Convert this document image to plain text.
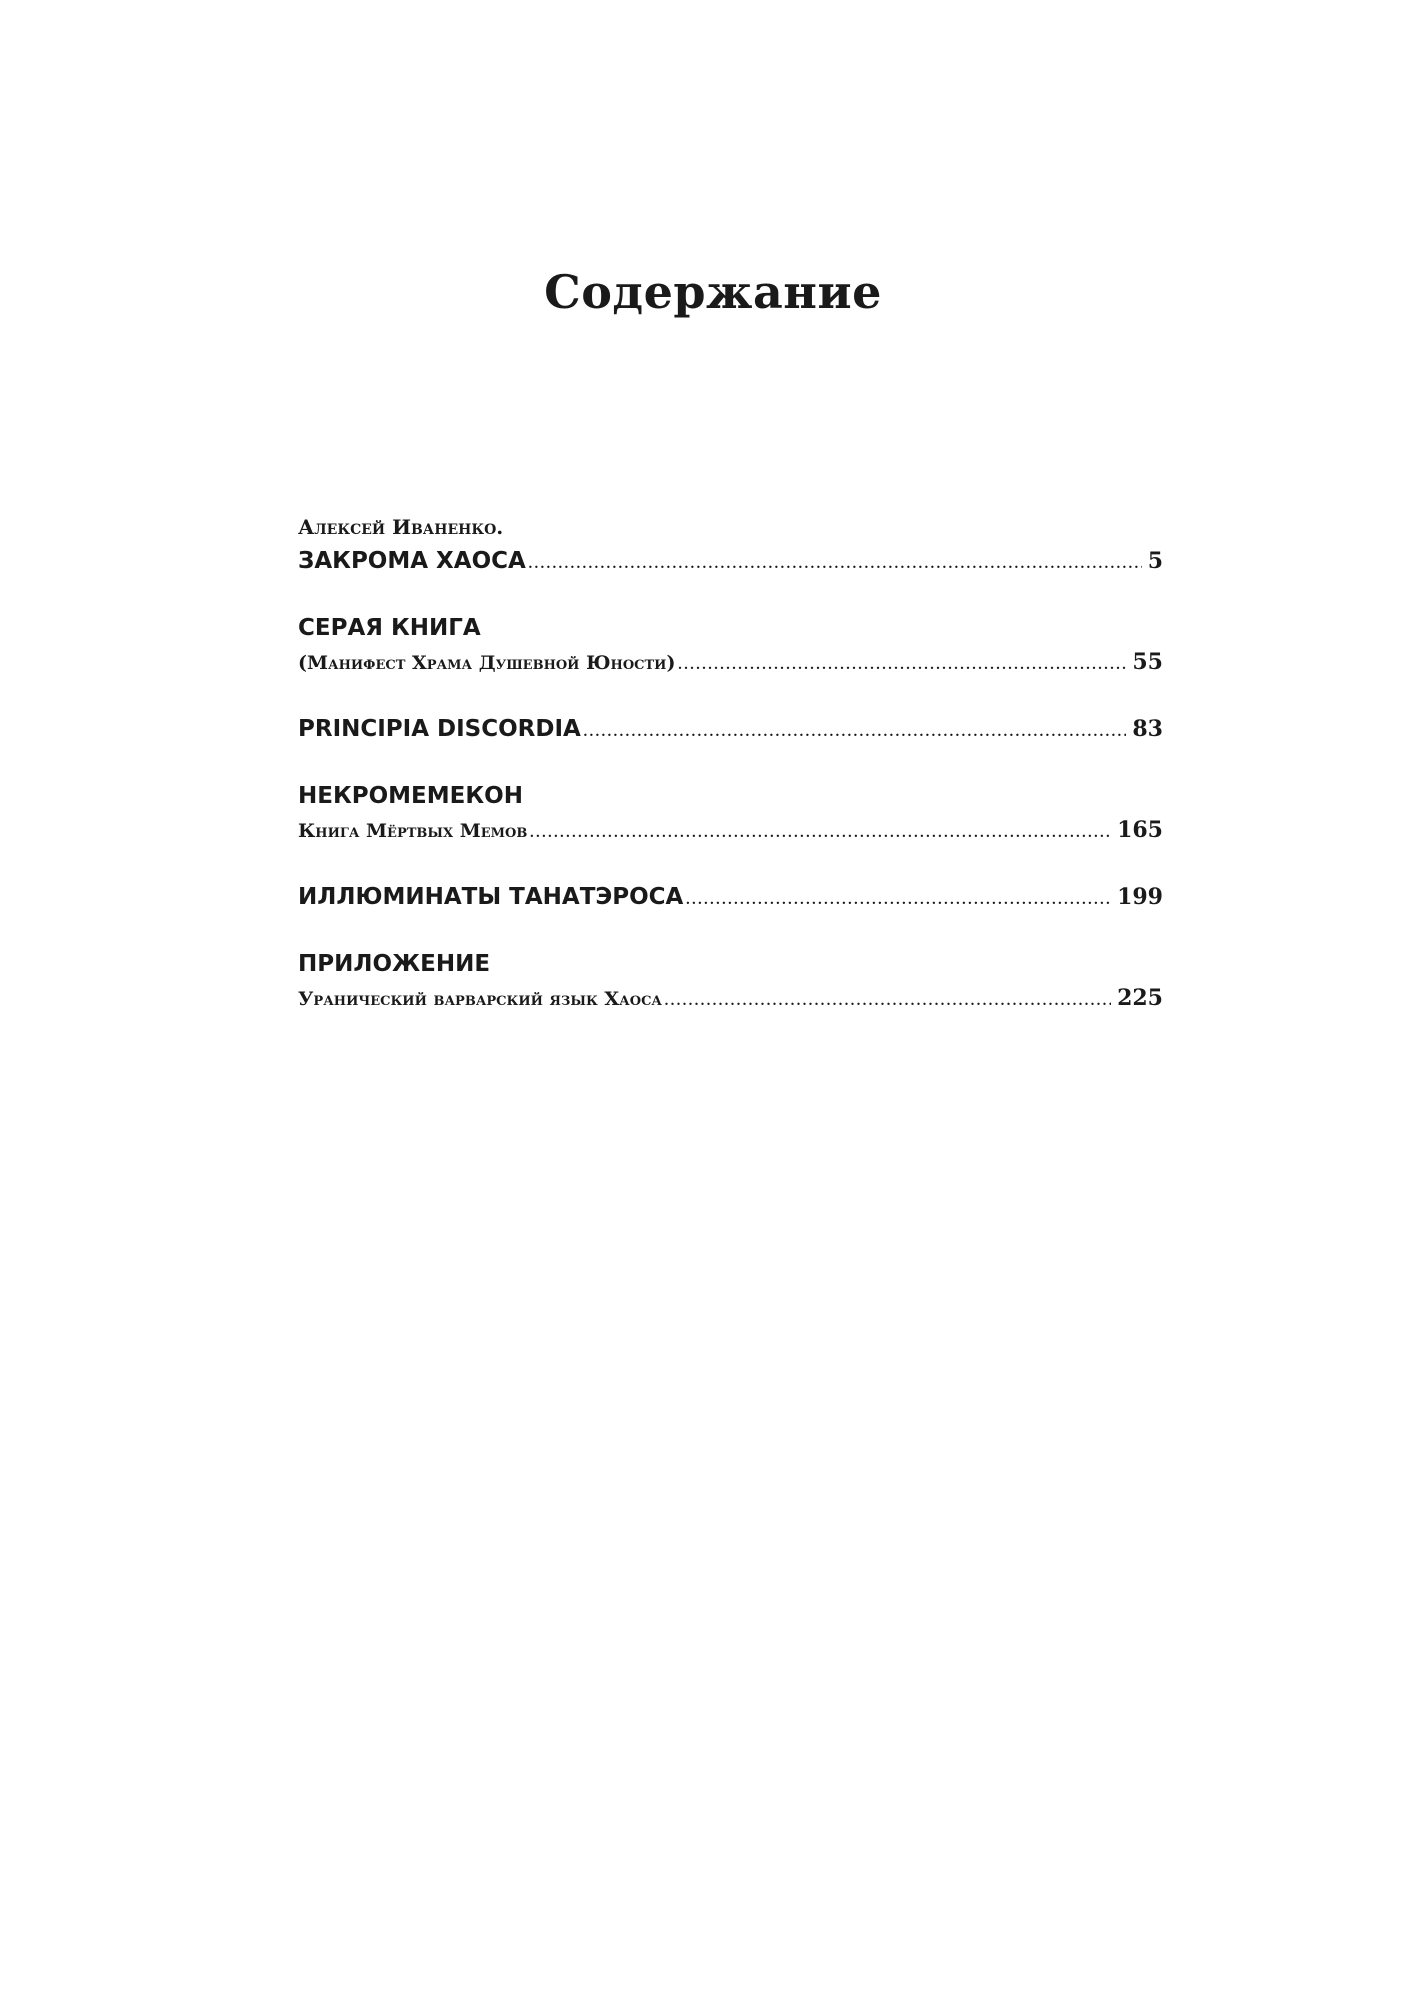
Содержание
Алексей Иваненко.
ЗАКРОМА ХАОСА .....	5
СЕРАЯ КНИГА
(Манифест Храма Душевной Юности) .....	55
PRINCIPIA DISCORDIA .....	83
НЕКРОМЕМЕКОН
Книга Мёртвых Мемов .....	165
ИЛЛЮМИНАТЫ ТАНАТЭРОСА .....	199
ПРИЛОЖЕНИЕ
Уранический варварский язык Хаоса .....	225
